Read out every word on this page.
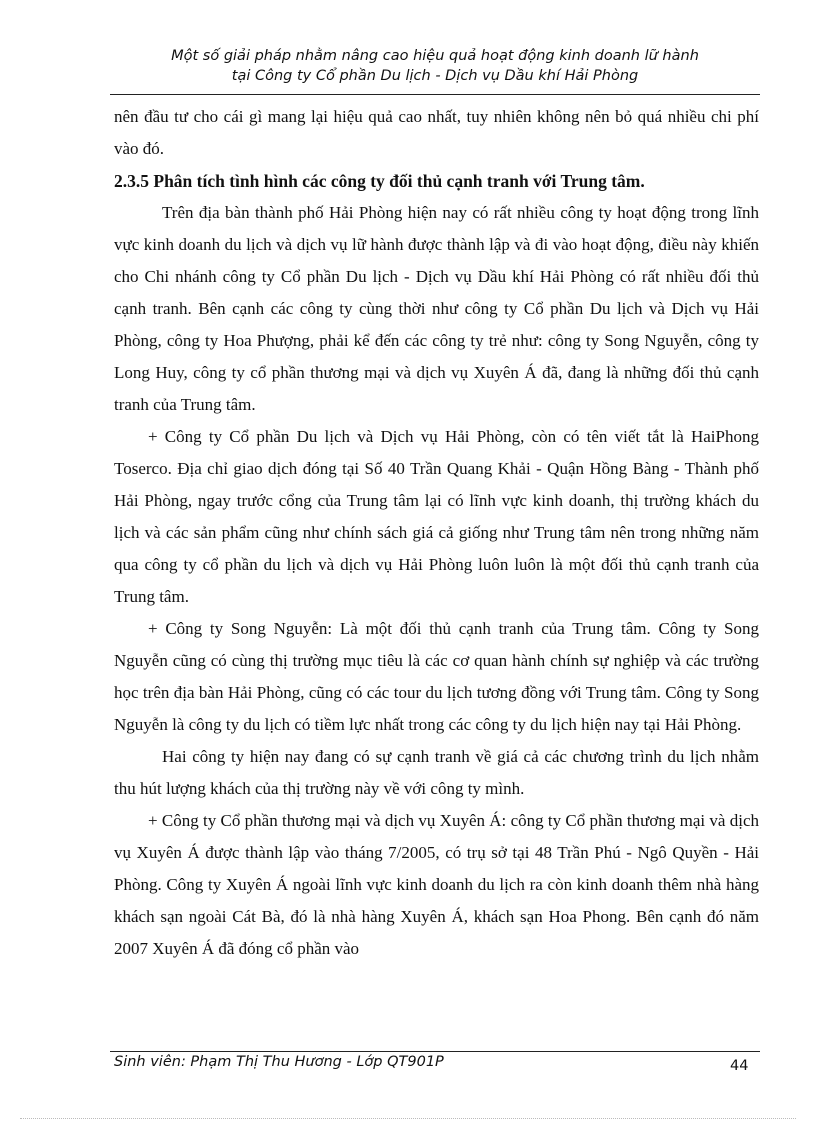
Một số giải pháp nhằm nâng cao hiệu quả hoạt động kinh doanh lữ hành
tại Công ty Cổ phần Du lịch - Dịch vụ Dầu khí Hải Phòng

nên đầu tư cho cái gì mang lại hiệu quả cao nhất, tuy nhiên không nên bỏ quá nhiều chi phí vào đó.

2.3.5 Phân tích tình hình các công ty đối thủ cạnh tranh với Trung tâm.

Trên địa bàn thành phố Hải Phòng hiện nay có rất nhiều công ty hoạt động trong lĩnh vực kinh doanh du lịch và dịch vụ lữ hành được thành lập và đi vào hoạt động, điều này khiến cho Chi nhánh công ty Cổ phần Du lịch - Dịch vụ Dầu khí Hải Phòng có rất nhiều đối thủ cạnh tranh. Bên cạnh các công ty cùng thời như công ty Cổ phần Du lịch và Dịch vụ Hải Phòng, công ty Hoa Phượng, phải kể đến các công ty trẻ như: công ty Song Nguyễn, công ty Long Huy, công ty cổ phần thương mại và dịch vụ Xuyên Á đã, đang là những đối thủ cạnh tranh của Trung tâm.

+ Công ty Cổ phần Du lịch và Dịch vụ Hải Phòng, còn có tên viết tắt là HaiPhong Toserco. Địa chỉ giao dịch đóng tại Số 40 Trần Quang Khải - Quận Hồng Bàng - Thành phố Hải Phòng, ngay trước cổng của Trung tâm lại có lĩnh vực kinh doanh, thị trường khách du lịch và các sản phẩm cũng như chính sách giá cả giống như Trung tâm nên trong những năm qua công ty cổ phần du lịch và dịch vụ Hải Phòng luôn luôn là một đối thủ cạnh tranh của Trung tâm.

+ Công ty Song Nguyễn: Là một đối thủ cạnh tranh của Trung tâm. Công ty Song Nguyễn cũng có cùng thị trường mục tiêu là các cơ quan hành chính sự nghiệp và các trường học trên địa bàn Hải Phòng, cũng có các tour du lịch tương đồng với Trung tâm. Công ty Song Nguyễn là công ty du lịch có tiềm lực nhất trong các công ty du lịch hiện nay tại Hải Phòng.

Hai công ty hiện nay đang có sự cạnh tranh về giá cả các chương trình du lịch nhằm thu hút lượng khách của thị trường này về với công ty mình.

+ Công ty Cổ phần thương mại và dịch vụ Xuyên Á: công ty Cổ phần thương mại và dịch vụ Xuyên Á được thành lập vào tháng 7/2005, có trụ sở tại 48 Trần Phú - Ngô Quyền - Hải Phòng. Công ty Xuyên Á ngoài lĩnh vực kinh doanh du lịch ra còn kinh doanh thêm nhà hàng khách sạn ngoài Cát Bà, đó là nhà hàng Xuyên Á, khách sạn Hoa Phong. Bên cạnh đó năm 2007 Xuyên Á đã đóng cổ phần vào

Sinh viên: Phạm Thị Thu Hương - Lớp QT901P	44
